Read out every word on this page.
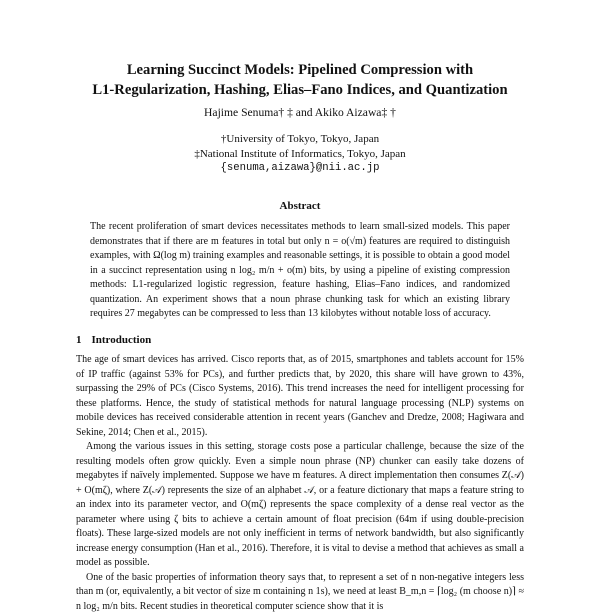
Learning Succinct Models: Pipelined Compression with
L1-Regularization, Hashing, Elias–Fano Indices, and Quantization
Hajime Senuma† ‡ and Akiko Aizawa‡ †
†University of Tokyo, Tokyo, Japan
‡National Institute of Informatics, Tokyo, Japan
{senuma,aizawa}@nii.ac.jp
Abstract

The recent proliferation of smart devices necessitates methods to learn small-sized models. This paper demonstrates that if there are m features in total but only n = o(√m) features are required to distinguish examples, with Ω(log m) training examples and reasonable settings, it is possible to obtain a good model in a succinct representation using n log₂ m/n + o(m) bits, by using a pipeline of existing compression methods: L1-regularized logistic regression, feature hashing, Elias–Fano indices, and randomized quantization. An experiment shows that a noun phrase chunking task for which an existing library requires 27 megabytes can be compressed to less than 13 kilobytes without notable loss of accuracy.

1 Introduction

The age of smart devices has arrived. Cisco reports that, as of 2015, smartphones and tablets account for 15% of IP traffic (against 53% for PCs), and further predicts that, by 2020, this share will have grown to 43%, surpassing the 29% of PCs (Cisco Systems, 2016). This trend increases the need for intelligent processing for these platforms. Hence, the study of statistical methods for natural language processing (NLP) systems on mobile devices has received considerable attention in recent years (Ganchev and Dredze, 2008; Hagiwara and Sekine, 2014; Chen et al., 2015).

Among the various issues in this setting, storage costs pose a particular challenge, because the size of the resulting models often grow quickly. Even a simple noun phrase (NP) chunker can easily take dozens of megabytes if naïvely implemented. Suppose we have m features. A direct implementation then consumes Z(𝒜) + O(mζ), where Z(𝒜) represents the size of an alphabet 𝒜, or a feature dictionary that maps a feature string to an index into its parameter vector, and O(mζ) represents the space complexity of a dense real vector as the parameter where using ζ bits to achieve a certain amount of float precision (64m if using double-precision floats). These large-sized models are not only inefficient in terms of network bandwidth, but also significantly increase energy consumption (Han et al., 2016). Therefore, it is vital to devise a method that achieves as small a model as possible.

One of the basic properties of information theory says that, to represent a set of n non-negative integers less than m (or, equivalently, a bit vector of size m containing n 1s), we need at least B_m,n = ⌈log₂ (m choose n)⌉ ≈ n log₂ m/n bits. Recent studies in theoretical computer science show that it is
